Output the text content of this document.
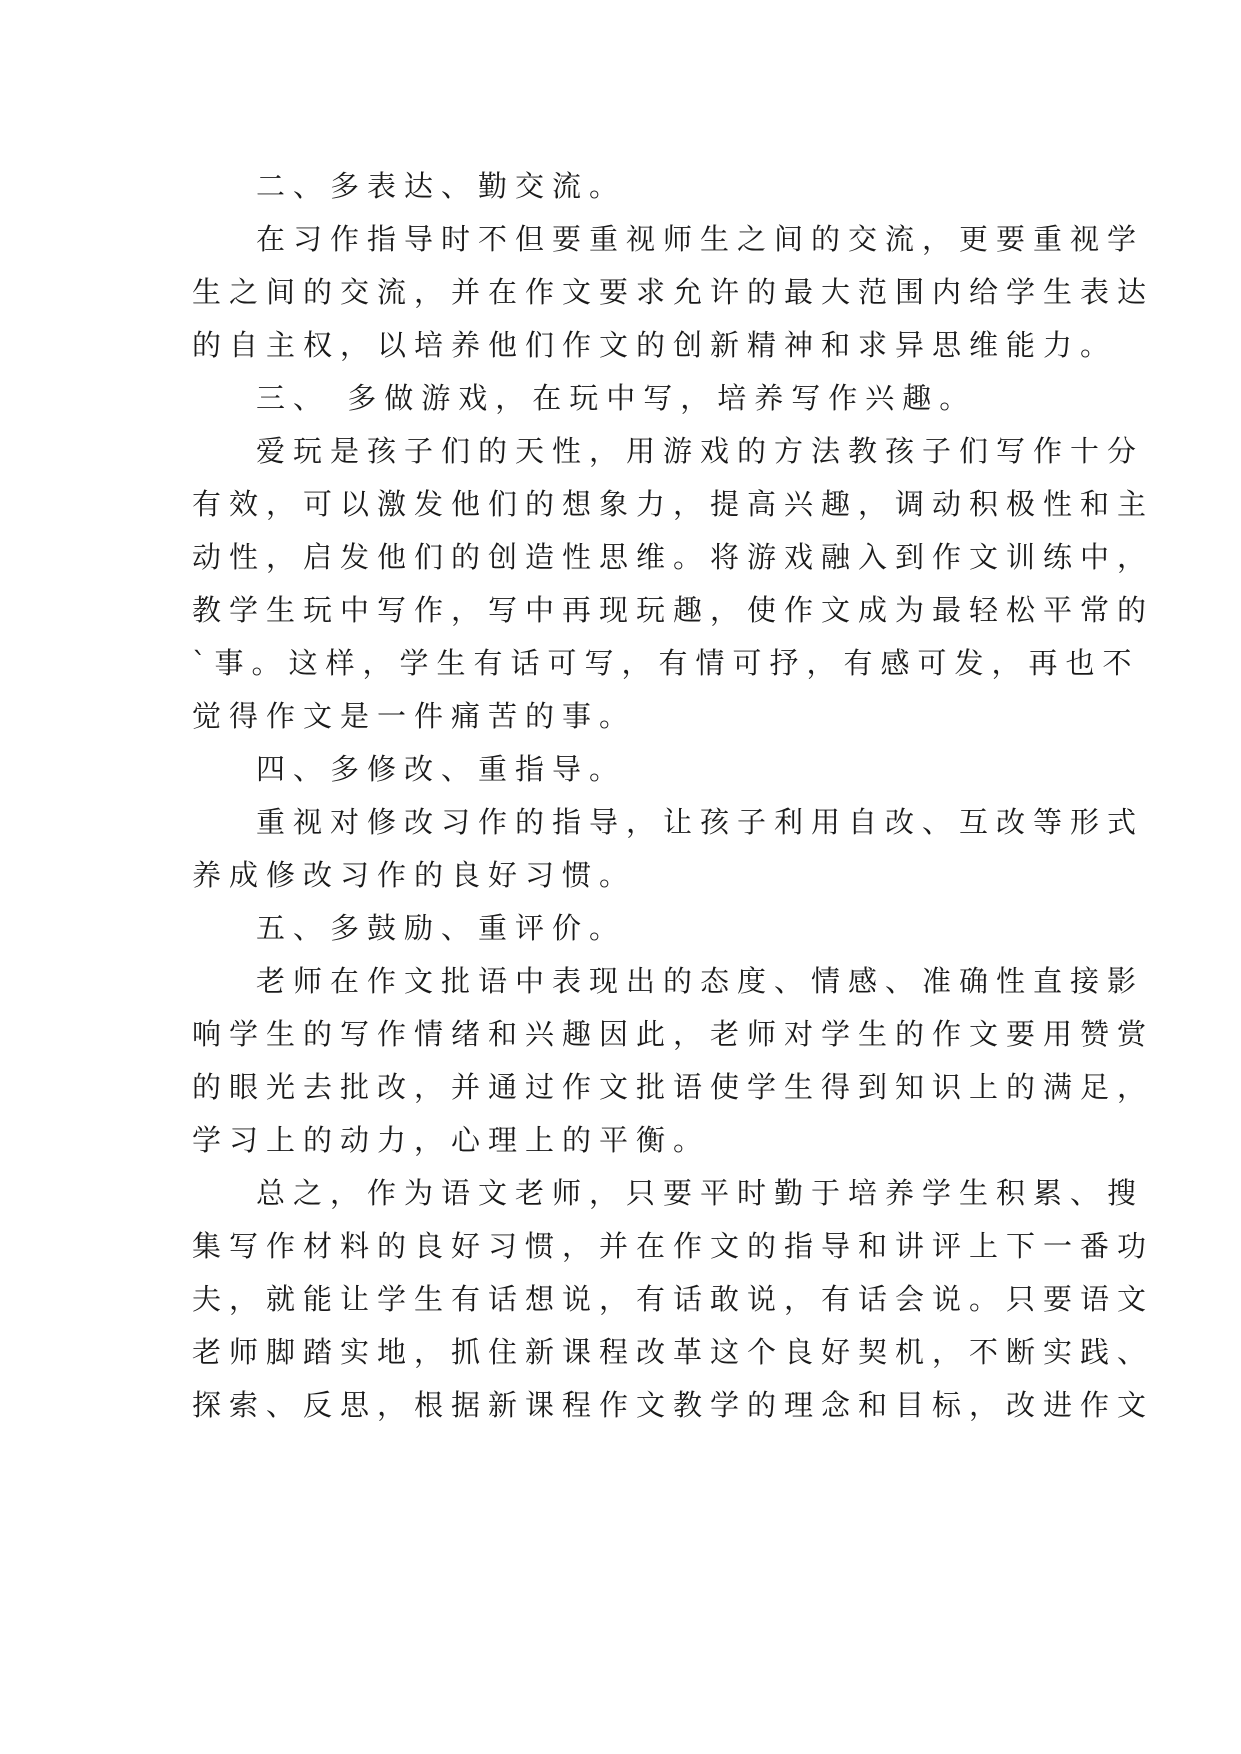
二、多表达、勤交流。
在习作指导时不但要重视师生之间的交流，更要重视学
生之间的交流，并在作文要求允许的最大范围内给学生表达
的自主权，以培养他们作文的创新精神和求异思维能力。
三、 多做游戏，在玩中写，培养写作兴趣。
爱玩是孩子们的天性，用游戏的方法教孩子们写作十分
有效，可以激发他们的想象力，提高兴趣，调动积极性和主
动性，启发他们的创造性思维。将游戏融入到作文训练中，
教学生玩中写作，写中再现玩趣，使作文成为最轻松平常的
`事。这样，学生有话可写，有情可抒，有感可发，再也不
觉得作文是一件痛苦的事。
四、多修改、重指导。
重视对修改习作的指导，让孩子利用自改、互改等形式
养成修改习作的良好习惯。
五、多鼓励、重评价。
老师在作文批语中表现出的态度、情感、准确性直接影
响学生的写作情绪和兴趣因此，老师对学生的作文要用赞赏
的眼光去批改，并通过作文批语使学生得到知识上的满足，
学习上的动力，心理上的平衡。
总之，作为语文老师，只要平时勤于培养学生积累、搜
集写作材料的良好习惯，并在作文的指导和讲评上下一番功
夫，就能让学生有话想说，有话敢说，有话会说。只要语文
老师脚踏实地，抓住新课程改革这个良好契机，不断实践、
探索、反思，根据新课程作文教学的理念和目标，改进作文
